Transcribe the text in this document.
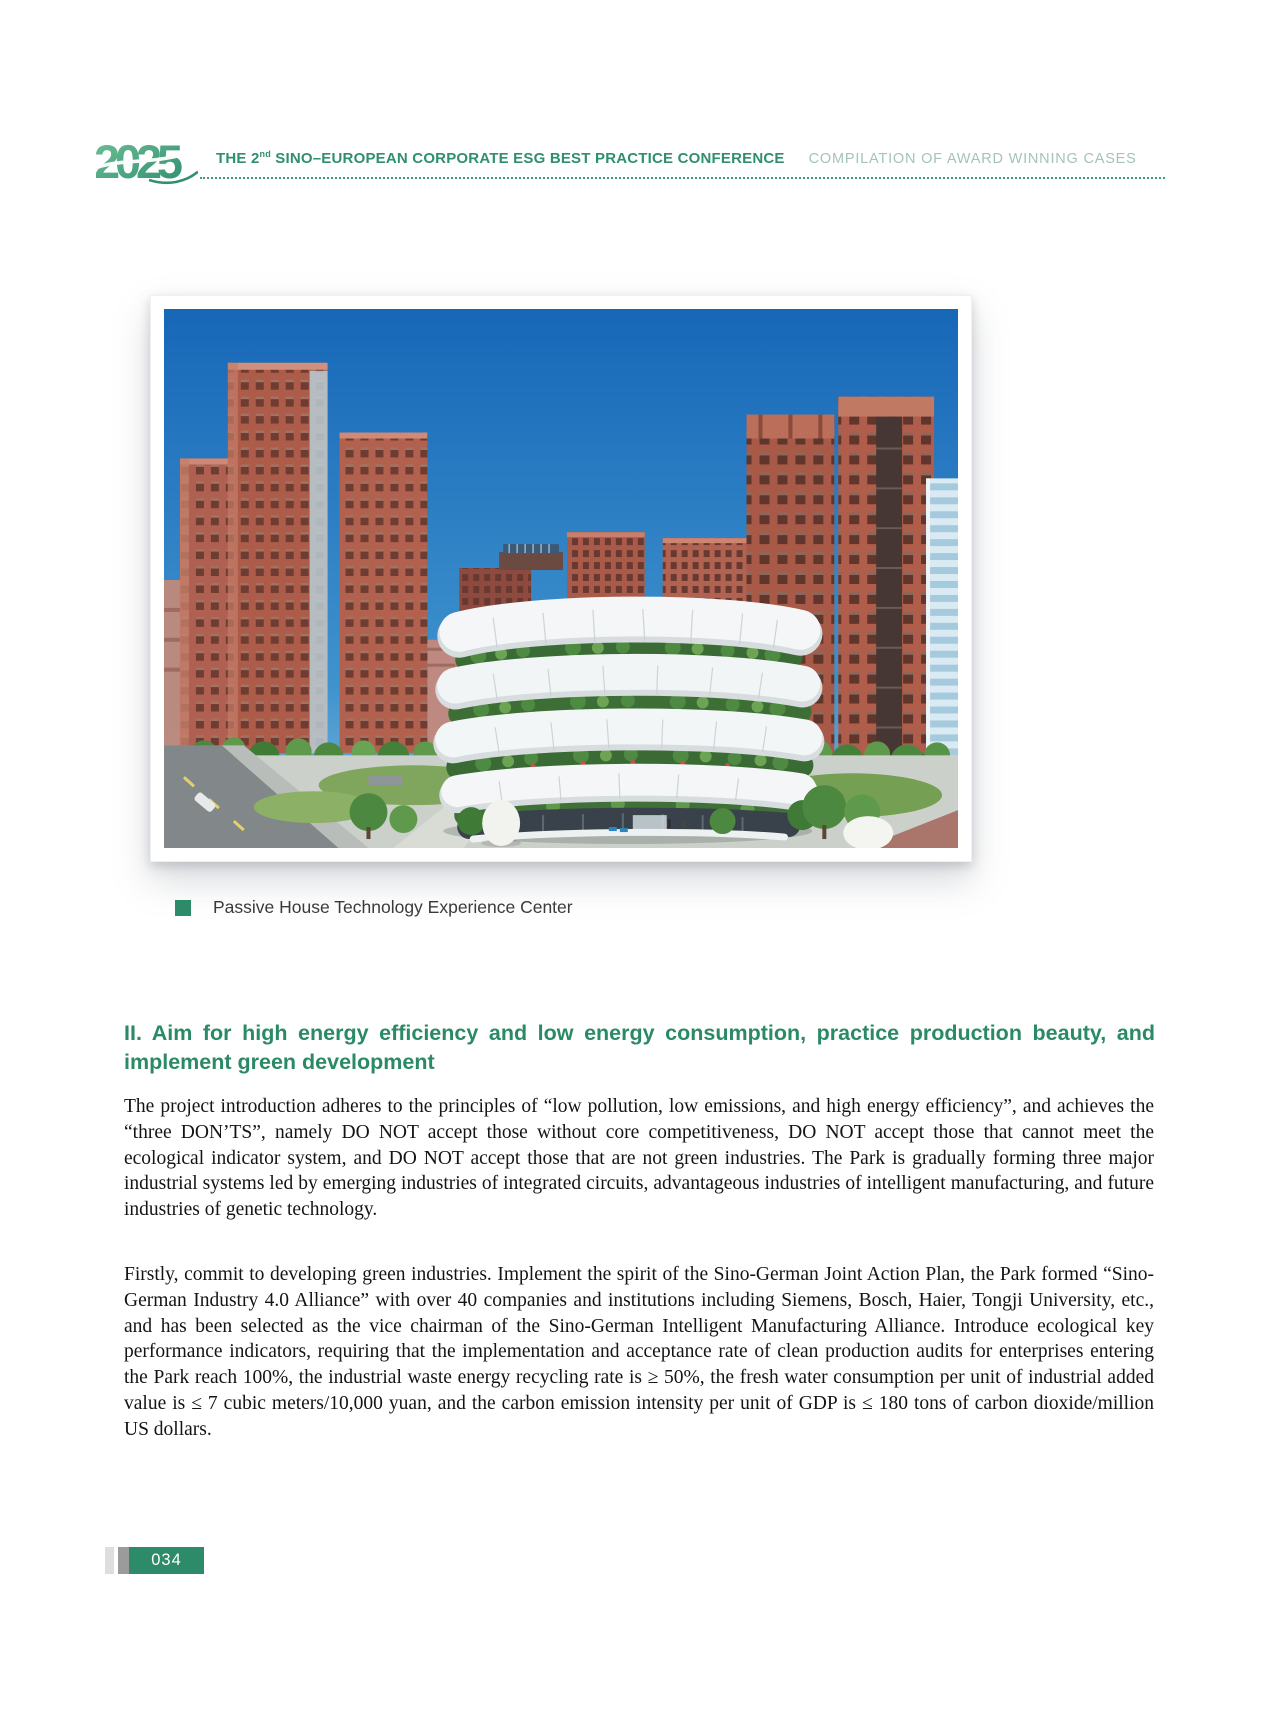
2025	THE 2nd SINO–EUROPEAN CORPORATE ESG BEST PRACTICE CONFERENCE COMPILATION OF AWARD WINNING CASES
Passive House Technology Experience Center
II. Aim for high energy efficiency and low energy consumption, practice production beauty, and implement green development

The project introduction adheres to the principles of “low pollution, low emissions, and high energy efficiency”, and achieves the “three DON’TS”, namely DO NOT accept those without core competitiveness, DO NOT accept those that cannot meet the ecological indicator system, and DO NOT accept those that are not green industries. The Park is gradually forming three major industrial systems led by emerging industries of integrated circuits, advantageous industries of intelligent manufacturing, and future industries of genetic technology.

Firstly, commit to developing green industries. Implement the spirit of the Sino-German Joint Action Plan, the Park formed “Sino-German Industry 4.0 Alliance” with over 40 companies and institutions including Siemens, Bosch, Haier, Tongji University, etc., and has been selected as the vice chairman of the Sino-German Intelligent Manufacturing Alliance. Introduce ecological key performance indicators, requiring that the implementation and acceptance rate of clean production audits for enterprises entering the Park reach 100%, the industrial waste energy recycling rate is ≥ 50%, the fresh water consumption per unit of industrial added value is ≤ 7 cubic meters/10,000 yuan, and the carbon emission intensity per unit of GDP is ≤ 180 tons of carbon dioxide/million US dollars.

034
